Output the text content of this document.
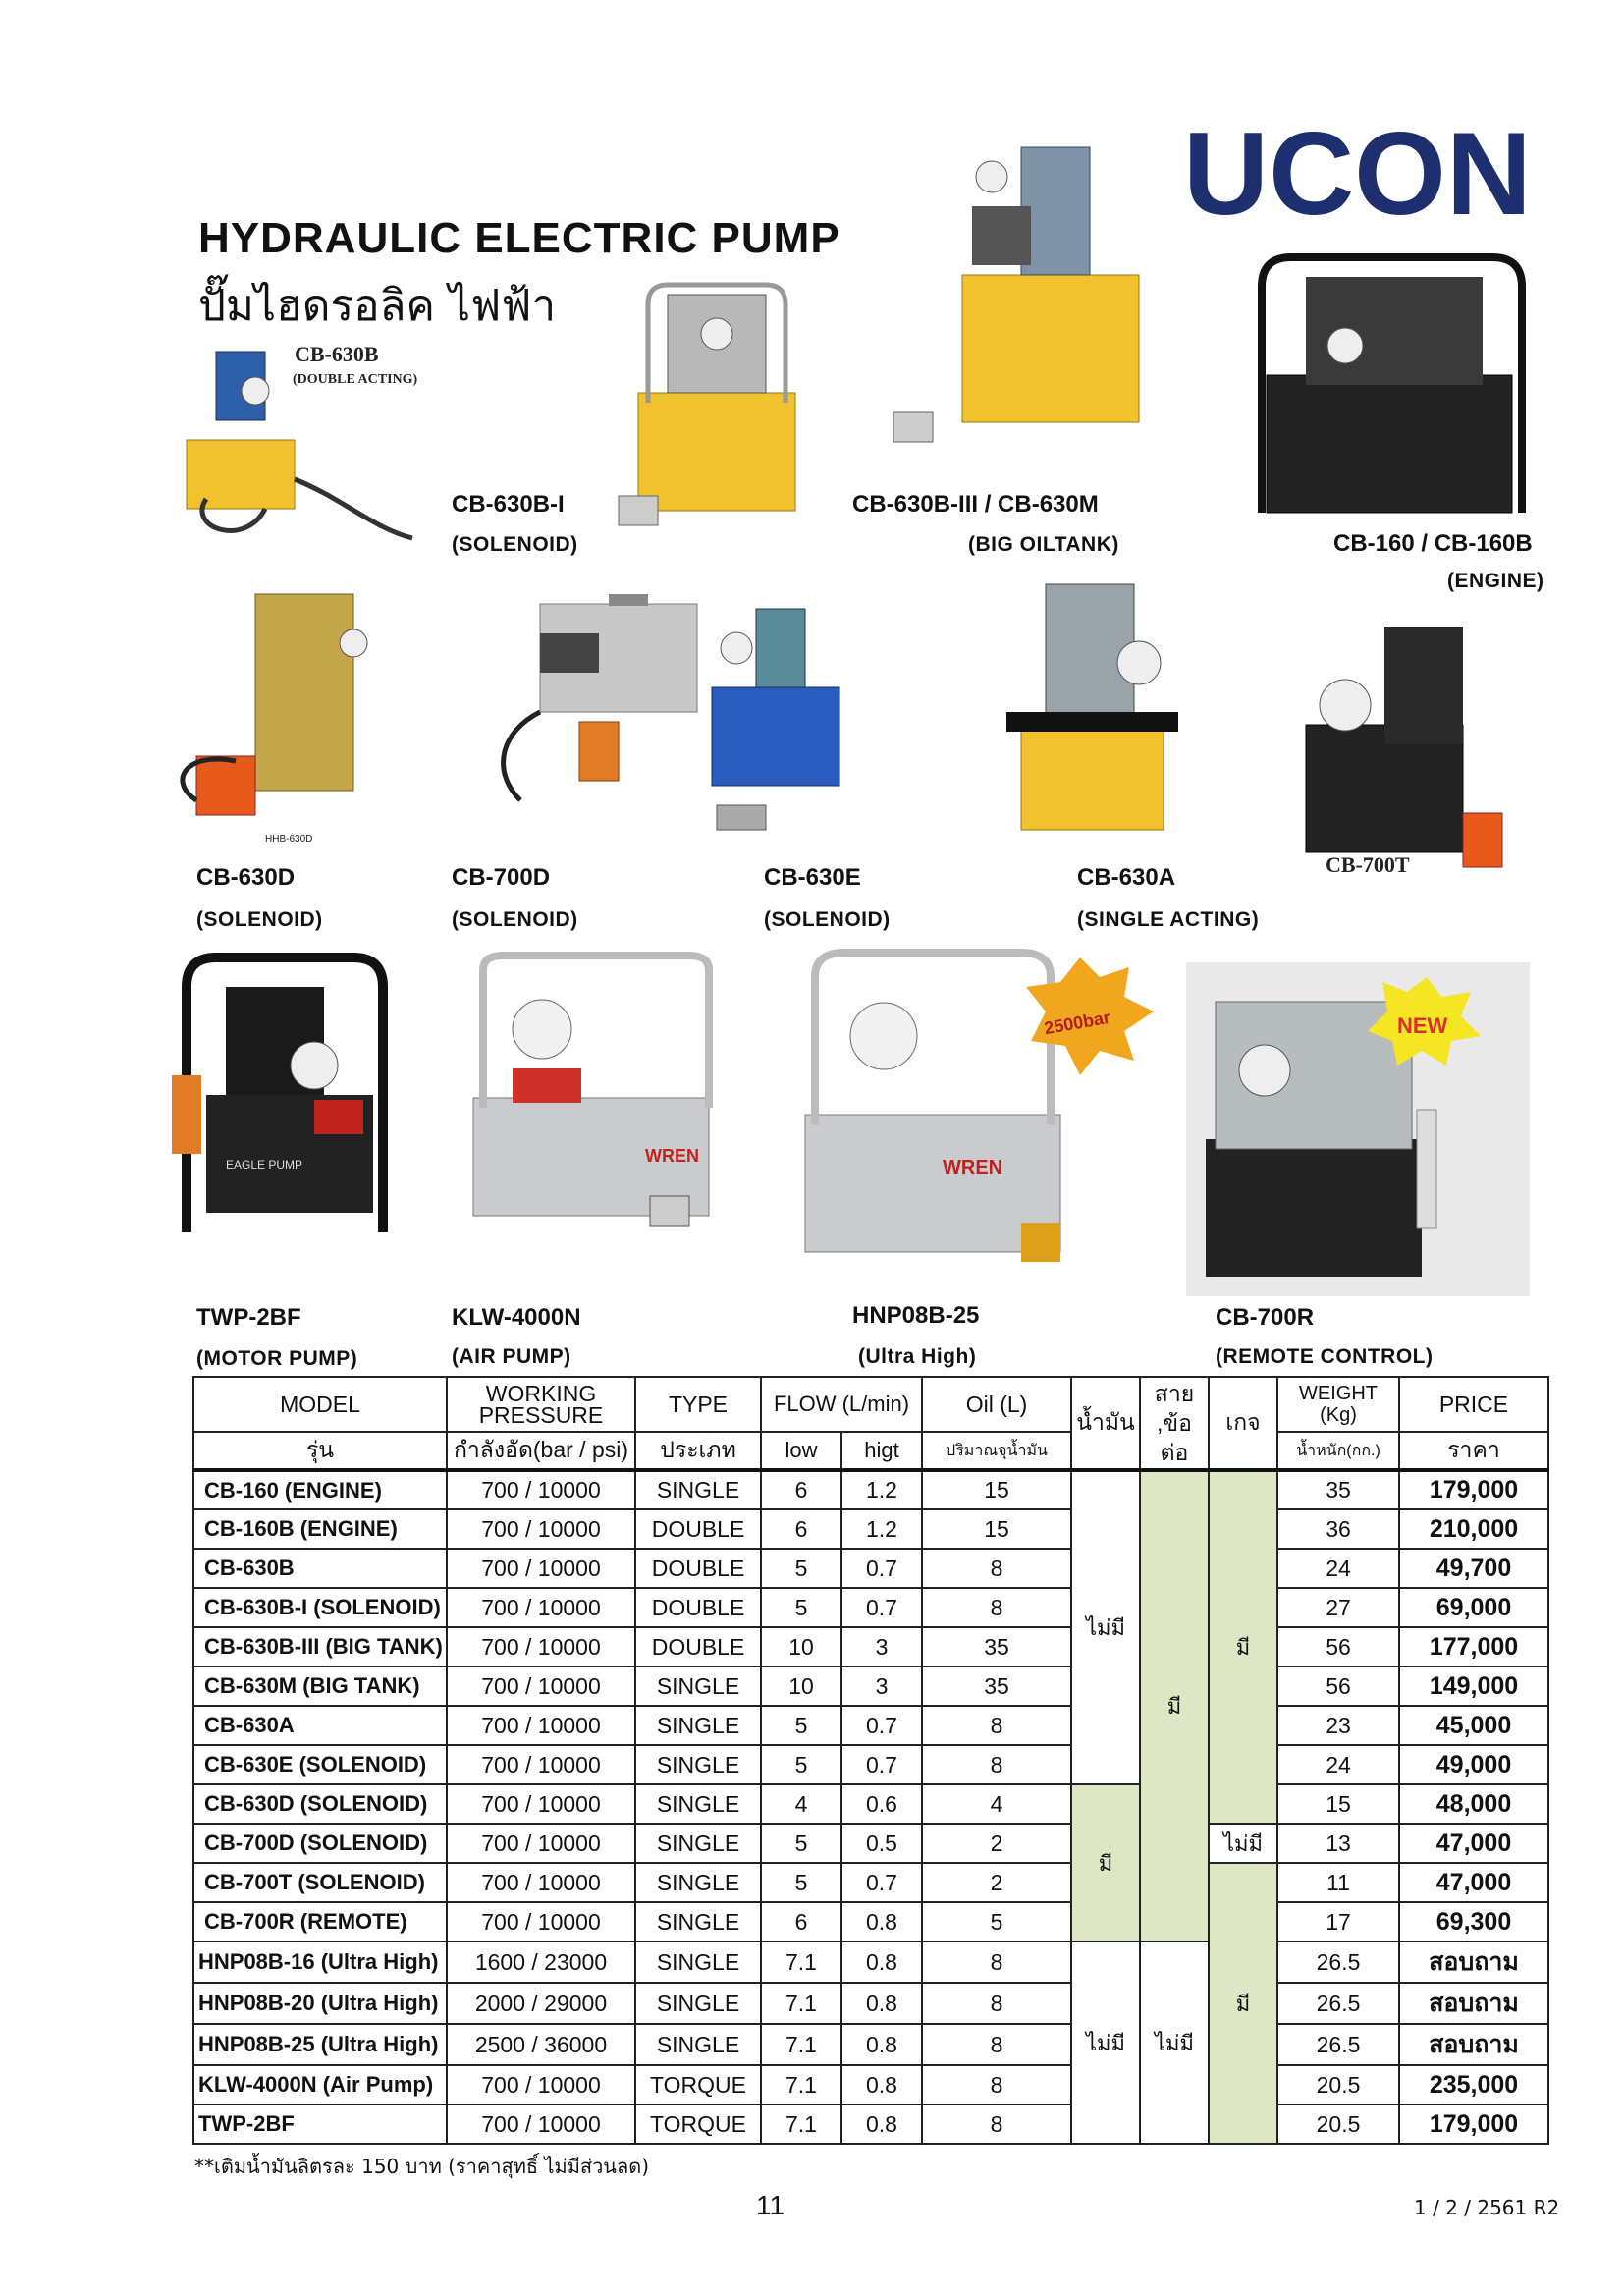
UCON
HYDRAULIC ELECTRIC PUMP
ปั๊มไฮดรอลิค ไฟฟ้า
CB-630B
(DOUBLE ACTING)
CB-630B-I
(SOLENOID)
CB-630B-III / CB-630M
(BIG OILTANK)	CB-160 / CB-160B
(ENGINE)
HHB-630D
CB-700T
CB-630D
(SOLENOID)
CB-700D
(SOLENOID)
CB-630E
(SOLENOID)
CB-630A
(SINGLE ACTING)
EAGLE PUMP	WREN
2500bar
WREN
NEW
TWP-2BF
(MOTOR PUMP)
KLW-4000N
(AIR PUMP)
HNP08B-25
(Ultra High)
CB-700R
(REMOTE CONTROL)
MODEL	WORKING PRESSURE	TYPE	FLOW (L/min)		Oil (L)	น้ำมัน	สาย ,ข้อ ต่อ	เกจ	WEIGHT (Kg)	PRICE
รุ่น	กำลังอัด(bar / psi)	ประเภท	low	higt	ปริมาณจุน้ำมัน				น้ำหนัก(กก.)	ราคา
CB-160 (ENGINE)	700 / 10000	SINGLE	6	1.2	15	ไม่มี	มี	มี	35	179,000
CB-160B (ENGINE)	700 / 10000	DOUBLE	6	1.2	15				36	210,000
CB-630B	700 / 10000	DOUBLE	5	0.7	8				24	49,700
CB-630B-I (SOLENOID)	700 / 10000	DOUBLE	5	0.7	8				27	69,000
CB-630B-III (BIG TANK)	700 / 10000	DOUBLE	10	3	35				56	177,000
CB-630M (BIG TANK)	700 / 10000	SINGLE	10	3	35				56	149,000
CB-630A	700 / 10000	SINGLE	5	0.7	8				23	45,000
CB-630E (SOLENOID)	700 / 10000	SINGLE	5	0.7	8				24	49,000
CB-630D (SOLENOID)	700 / 10000	SINGLE	4	0.6	4	มี			15	48,000
CB-700D (SOLENOID)	700 / 10000	SINGLE	5	0.5	2			ไม่มี	13	47,000
CB-700T (SOLENOID)	700 / 10000	SINGLE	5	0.7	2			มี	11	47,000
CB-700R (REMOTE)	700 / 10000	SINGLE	6	0.8	5				17	69,300
HNP08B-16 (Ultra High)	1600 / 23000	SINGLE	7.1	0.8	8	ไม่มี	ไม่มี		26.5	สอบถาม
HNP08B-20 (Ultra High)	2000 / 29000	SINGLE	7.1	0.8	8				26.5	สอบถาม
HNP08B-25 (Ultra High)	2500 / 36000	SINGLE	7.1	0.8	8				26.5	สอบถาม
KLW-4000N (Air Pump)	700 / 10000	TORQUE	7.1	0.8	8				20.5	235,000
TWP-2BF	700 / 10000	TORQUE	7.1	0.8	8				20.5	179,000
**เติมน้ำมันลิตรละ 150 บาท (ราคาสุทธิ์ ไม่มีส่วนลด)
11	1 / 2 / 2561 R2
